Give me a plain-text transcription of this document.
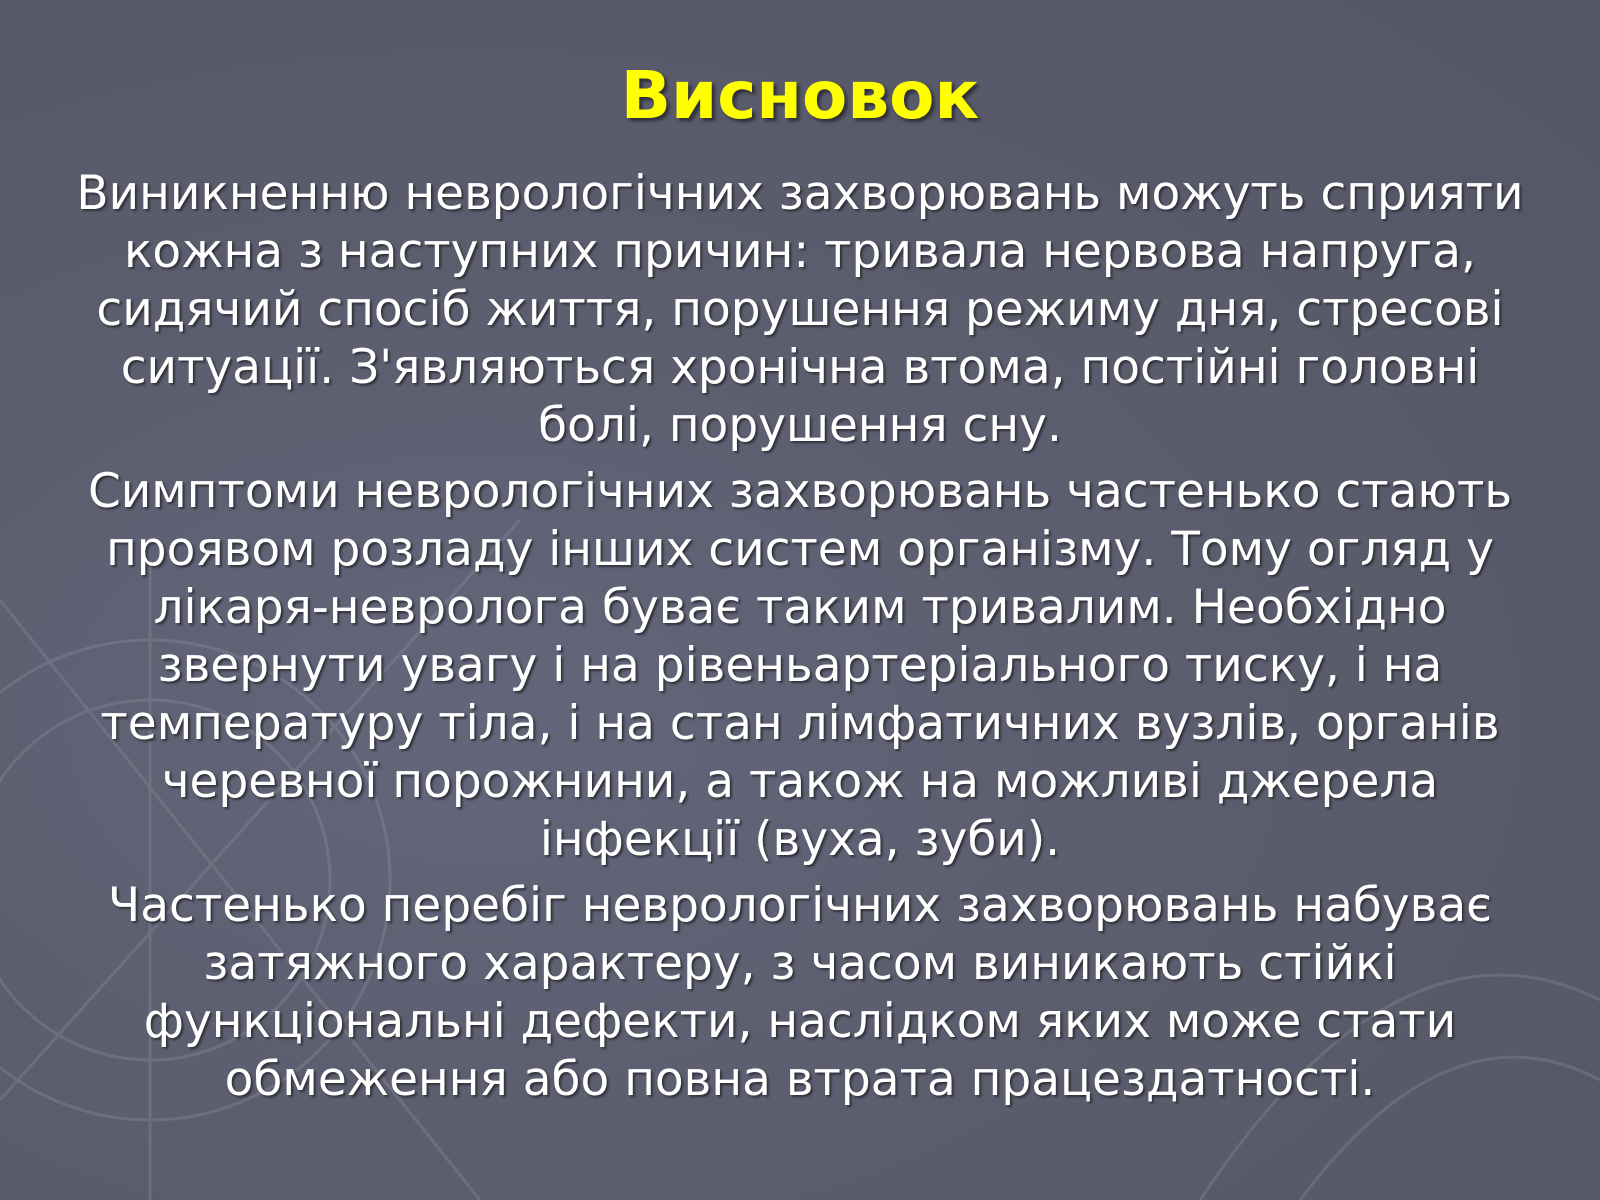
Висновок

Виникненню неврологічних захворювань можуть сприяти
кожна з наступних причин: тривала нервова напруга,
сидячий спосіб життя, порушення режиму дня, стресові
ситуації. З'являються хронічна втома, постійні головні
болі, порушення сну.

Симптоми неврологічних захворювань частенько стають
проявом розладу інших систем організму. Тому огляд у
лікаря-невролога буває таким тривалим. Необхідно
звернути увагу і на рівеньартеріального тиску, і на
температуру тіла, і на стан лімфатичних вузлів, органів
черевної порожнини, а також на можливі джерела
інфекції (вуха, зуби).

Частенько перебіг неврологічних захворювань набуває
затяжного характеру, з часом виникають стійкі
функціональні дефекти, наслідком яких може стати
обмеження або повна втрата працездатності.
